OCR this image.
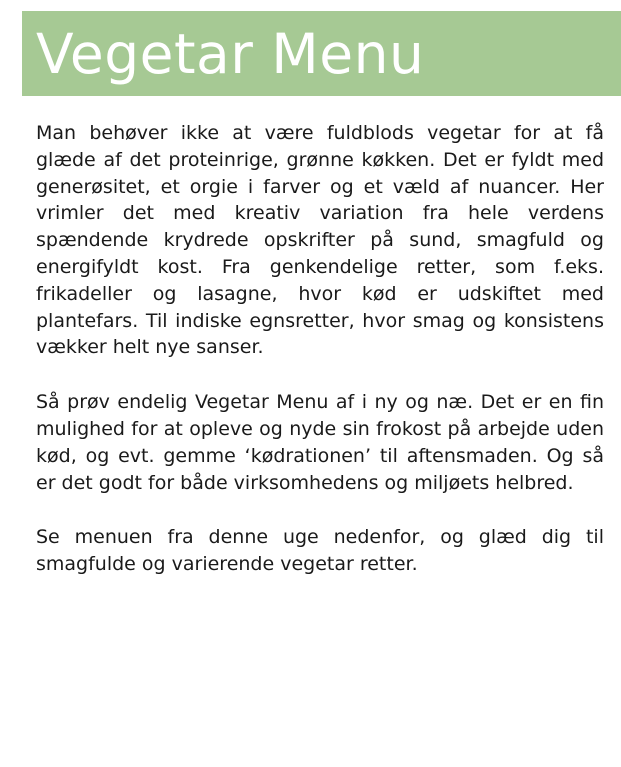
Vegetar Menu

Man behøver ikke at være fuldblods vegetar for at få glæde af det proteinrige, grønne køkken. Det er fyldt med generøsitet, et orgie i farver og et væld af nuancer. Her vrimler det med kreativ variation fra hele verdens spændende krydrede opskrifter på sund, smagfuld og energifyldt kost. Fra genkendelige retter, som f.eks. frikadeller og lasagne, hvor kød er udskiftet med plantefars. Til indiske egnsretter, hvor smag og konsistens vækker helt nye sanser.

Så prøv endelig Vegetar Menu af i ny og næ. Det er en fin mulighed for at opleve og nyde sin frokost på arbejde uden kød, og evt. gemme ‘kødrationen’ til aftensmaden. Og så er det godt for både virksomhedens og miljøets helbred.

Se menuen fra denne uge nedenfor, og glæd dig til smagfulde og varierende vegetar retter.
